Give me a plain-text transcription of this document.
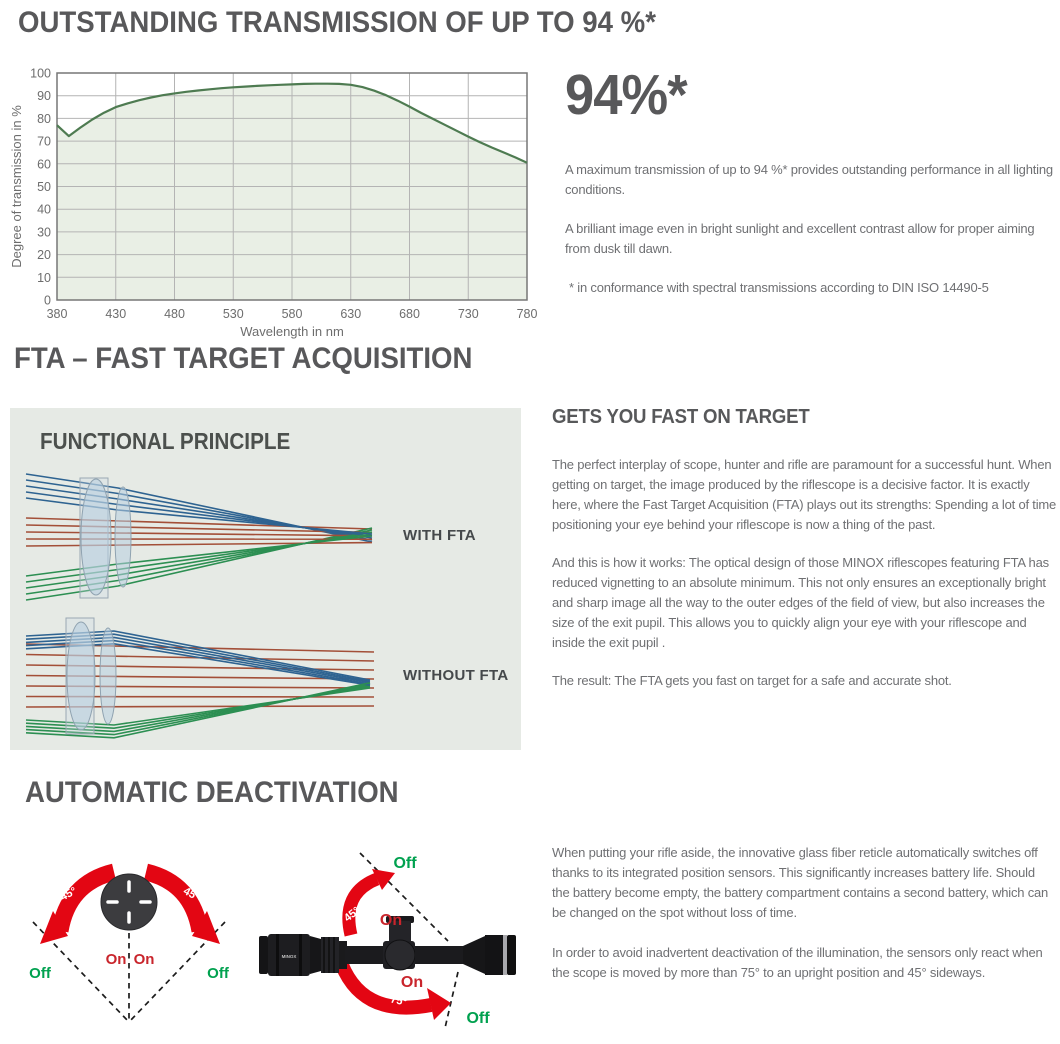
OUTSTANDING TRANSMISSION OF UP TO 94 %*
0
10
20
30
40
50
60
70
80
90
100
380	430	480	530	580	630	680	730	780
Wavelength in nm
Degree of transmission in %
94%*

A maximum transmission of up to 94 %* provides outstanding performance in all lighting conditions.

A brilliant image even in bright sunlight and excellent contrast allow for proper aiming from dusk till dawn.

* in conformance with spectral transmissions according to DIN ISO 14490-5

FTA – FAST TARGET ACQUISITION
FUNCTIONAL PRINCIPLE
WITH FTA
WITHOUT FTA
GETS YOU FAST ON TARGET

The perfect interplay of scope, hunter and rifle are paramount for a successful hunt. When getting on target, the image produced by the riflescope is a decisive factor. It is exactly here, where the Fast Target Acquisition (FTA) plays out its strengths: Spending a lot of time positioning your eye behind your riflescope is now a thing of the past.

And this is how it works: The optical design of those MINOX riflescopes featuring FTA has reduced vignetting to an absolute minimum. This not only ensures an exceptionally bright and sharp image all the way to the outer edges of the field of view, but also increases the size of the exit pupil. This allows you to quickly align your eye with your riflescope and inside the exit pupil .

The result: The FTA gets you fast on target for a safe and accurate shot.

AUTOMATIC DEACTIVATION
45°	45°
On On
Off	Off
MINOX
45°
75°
On
On
Off
Off

When putting your rifle aside, the innovative glass fiber reticle automatically switches off thanks to its integrated position sensors. This significantly increases battery life. Should the battery become empty, the battery compartment contains a second battery, which can be changed on the spot without loss of time.

In order to avoid inadvertent deactivation of the illumination, the sensors only react when the scope is moved by more than 75° to an upright position and 45° sideways.
